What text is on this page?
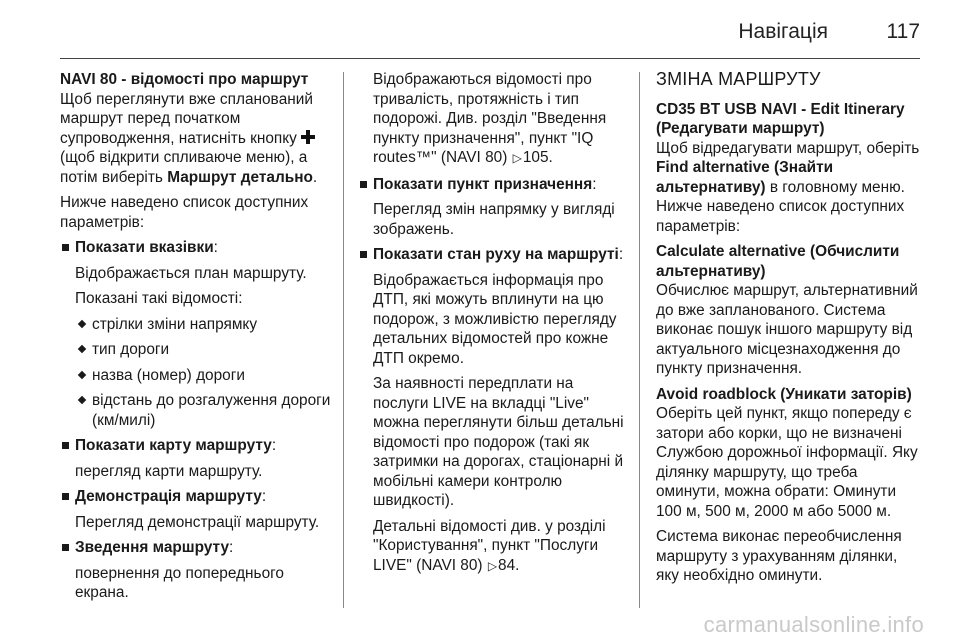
Навігація	117

NAVI 80 - відомості про маршрут
Щоб переглянути вже сплановaний маршрут перед початком супроводження, натисніть кнопку (щоб відкрити спливаюче меню), а потім виберіть Маршрут детально.

Нижче наведено список доступних параметрів:

Показати вказівки:
Відображається план маршруту.
Показані такі відомості:
стрілки зміни напрямку
тип дороги
назва (номер) дороги
відстань до розгалуження дороги (км/милі)
Показати карту маршруту:
перегляд карти маршруту.
Демонстрація маршруту:
Перегляд демонстрації маршруту.
Зведення маршруту:
повернення до попереднього екрана.
Відображаються відомості про тривалість, протяжність і тип подорожі. Див. розділ "Введення пункту призначення", пункт "IQ routes™" (NAVI 80) ▷105.
Показати пункт призначення:
Перегляд змін напрямку у вигляді зображень.
Показати стан руху на маршруті:
Відображається інформація про ДТП, які можуть вплинути на цю подорож, з можливістю перегляду детальних відомостей про кожне ДТП окремо.
За наявності передплати на послуги LIVE на вкладці "Live" можна переглянути більш детальні відомості про подорож (такі як затримки на дорогах, стаціонарні й мобільні камери контролю швидкості).
Детальні відомості див. у розділі "Користування", пункт "Послуги LIVE" (NAVI 80) ▷84.
ЗМІНА МАРШРУТУ

CD35 BT USB NAVI - Edit Itinerary (Редагувати маршрут)
Щоб відредагувати маршрут, оберіть Find alternative (Знайти альтернативу) в головному меню. Нижче наведено список доступних параметрів:

Calculate alternative (Обчислити альтернативу)
Обчислює маршрут, альтернативний до вже запланованого. Система виконає пошук іншого маршруту від актуального місцезнаходження до пункту призначення.

Avoid roadblock (Уникати заторів)
Оберіть цей пункт, якщо попереду є затори або корки, що не визначені Службою дорожньої інформації. Яку ділянку маршруту, що треба оминути, можна обрати: Оминути 100 м, 500 м, 2000 м або 5000 м.

Система виконає переобчислення маршруту з урахуванням ділянки, яку необхідно оминути.

carmanualsonline.info
